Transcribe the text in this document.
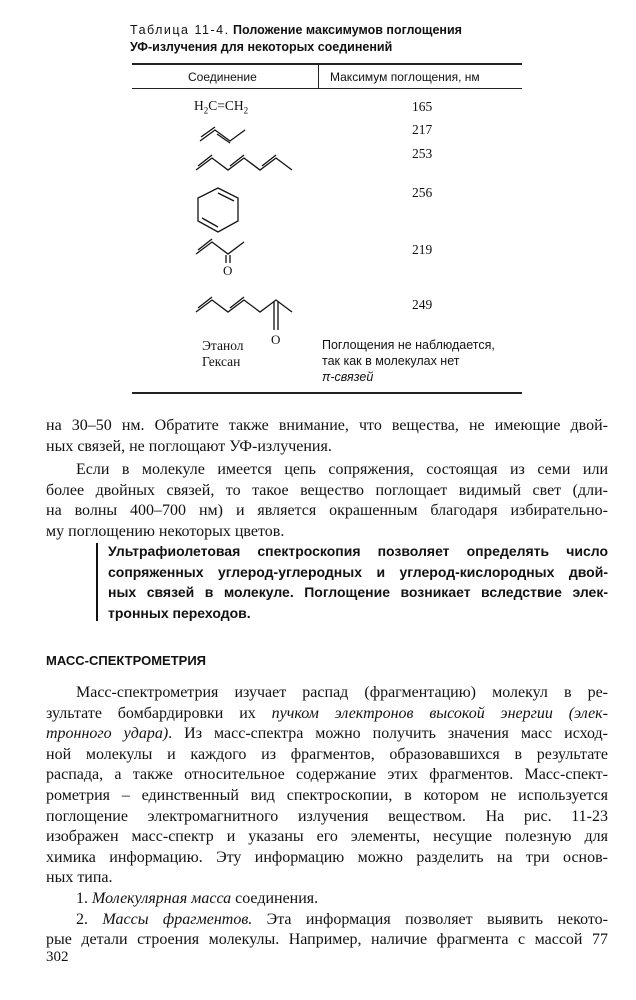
Таблица 11-4. Положение максимумов поглощения
УФ-излучения для некоторых соединений
Соединение	Максимум поглощения, нм
$H_2C=CH_2$	165
O
O
217
253
256
219
249
Этанол
Гексан
Поглощения не наблюдается,
так как в молекулах нет
π-связей
на 30–50 нм. Обратите также внимание, что вещества, не имеющие двой-
ных связей, не поглощают УФ-излучения.
Если в молекуле имеется цепь сопряжения, состоящая из семи или
более двойных связей, то такое вещество поглощает видимый свет (дли-
на волны 400–700 нм) и является окрашенным благодаря избирательно-
му поглощению некоторых цветов.
Ультрафиолетовая спектроскопия позволяет определять число
сопряженных углерод-углеродных и углерод-кислородных двой-
ных связей в молекуле. Поглощение возникает вследствие элек-
тронных переходов.
МАСС-СПЕКТРОМЕТРИЯ
Масс-спектрометрия изучает распад (фрагментацию) молекул в ре-
зультате бомбардировки их пучком электронов высокой энергии (элек-
тронного удара). Из масс-спектра можно получить значения масс исход-
ной молекулы и каждого из фрагментов, образовавшихся в результате
распада, а также относительное содержание этих фрагментов. Масс-спект-
рометрия – единственный вид спектроскопии, в котором не используется
поглощение электромагнитного излучения веществом. На рис. 11-23
изображен масс-спектр и указаны его элементы, несущие полезную для
химика информацию. Эту информацию можно разделить на три основ-
ных типа.
1. Молекулярная масса соединения.
2. Массы фрагментов. Эта информация позволяет выявить некото-
рые детали строения молекулы. Например, наличие фрагмента с массой 77
302
